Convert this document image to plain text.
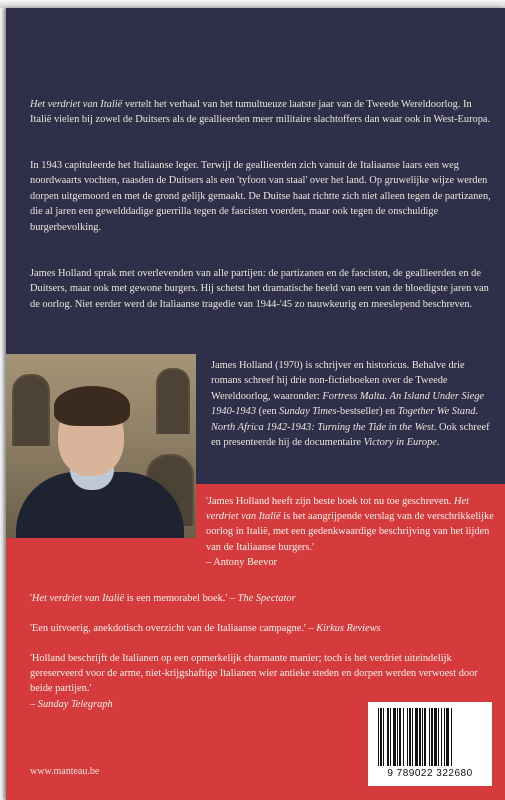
Het verdriet van Italië vertelt het verhaal van het tumultueuze laatste jaar van de Tweede Wereldoorlog. In Italië vielen bij zowel de Duitsers als de geallieerden meer militaire slachtoffers dan waar ook in West-Europa.

In 1943 capituleerde het Italiaanse leger. Terwijl de geallieerden zich vanuit de Italiaanse laars een weg noordwaarts vochten, raasden de Duitsers als een 'tyfoon van staal' over het land. Op gruwelijke wijze werden dorpen uitgemoord en met de grond gelijk gemaakt. De Duitse haat richtte zich niet alleen tegen de partizanen, die al jaren een gewelddadige guerrilla tegen de fascisten voerden, maar ook tegen de onschuldige burgerbevolking.

James Holland sprak met overlevenden van alle partijen: de partizanen en de fascisten, de geallieerden en de Duitsers, maar ook met gewone burgers. Hij schetst het dramatische beeld van een van de bloedigste jaren van de oorlog. Niet eerder werd de Italiaanse tragedie van 1944-'45 zo nauwkeurig en meeslepend beschreven.

James Holland (1970) is schrijver en historicus. Behalve drie romans schreef hij drie non-fictieboeken over de Tweede Wereldoorlog, waaronder: Fortress Malta. An Island Under Siege 1940-1943 (een Sunday Times-bestseller) en Together We Stand. North Africa 1942-1943: Turning the Tide in the West. Ook schreef en presenteerde hij de documentaire Victory in Europe.

'James Holland heeft zijn beste boek tot nu toe geschreven. Het verdriet van Italië is het aangrijpende verslag van de verschrikkelijke oorlog in Italië, met een gedenkwaardige beschrijving van het lijden van de Italiaanse burgers.'
– Antony Beevor

'Het verdriet van Italië is een memorabel boek.' – The Spectator

'Een uitvoerig, anekdotisch overzicht van de Italiaanse campagne.' – Kirkus Reviews

'Holland beschrijft de Italianen op een opmerkelijk charmante manier; toch is het verdriet uiteindelijk gereserveerd voor de arme, niet-krijgshaftige Italianen wier antieke steden en dorpen werden verwoest door beide partijen.'
– Sunday Telegraph

www.manteau.be	9 789022 322680
